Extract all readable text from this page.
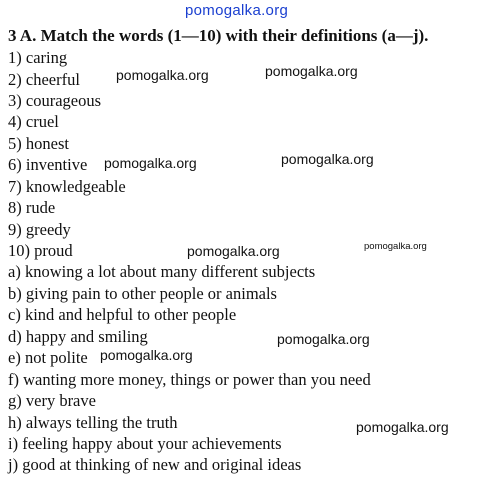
pomogalka.org
3 A. Match the words (1—10) with their definitions (a—j).
1) caring
2) cheerful
3) courageous
4) cruel
5) honest
6) inventive
7) knowledgeable
8) rude
9) greedy
10) proud
a) knowing a lot about many different subjects
b) giving pain to other people or animals
c) kind and helpful to other people
d) happy and smiling
e) not polite
f) wanting more money, things or power than you need
g) very brave
h) always telling the truth
i) feeling happy about your achievements
j) good at thinking of new and original ideas
pomogalka.org	pomogalka.org
pomogalka.org	pomogalka.org
pomogalka.org	pomogalka.org
pomogalka.org
pomogalka.org
pomogalka.org
